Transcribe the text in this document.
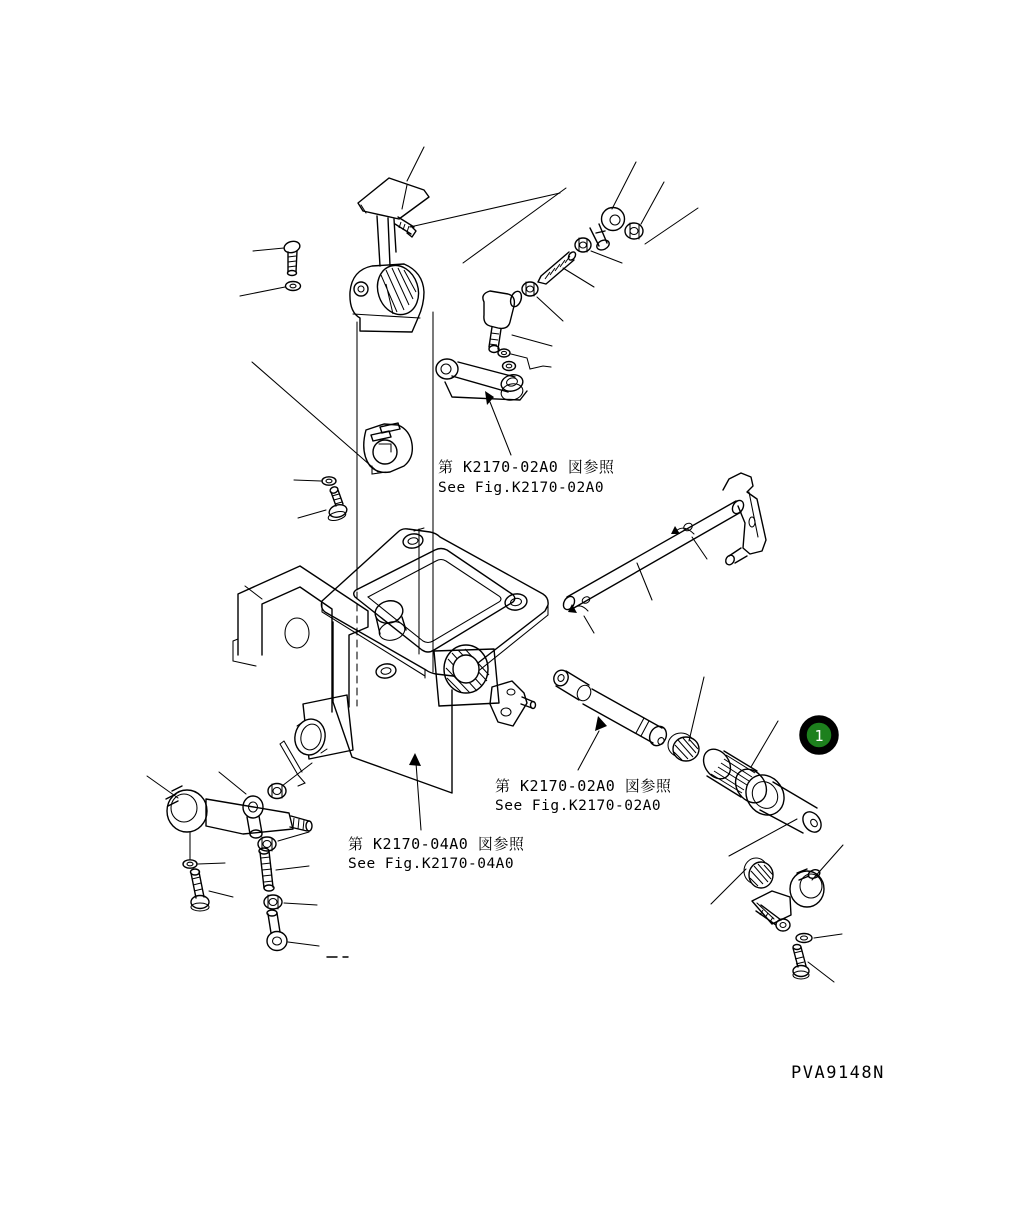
1
第 K2170-02A0 図参照
See Fig.K2170-02A0
第 K2170-02A0 図参照
See Fig.K2170-02A0
第 K2170-04A0 図参照
See Fig.K2170-04A0
PVA9148N
